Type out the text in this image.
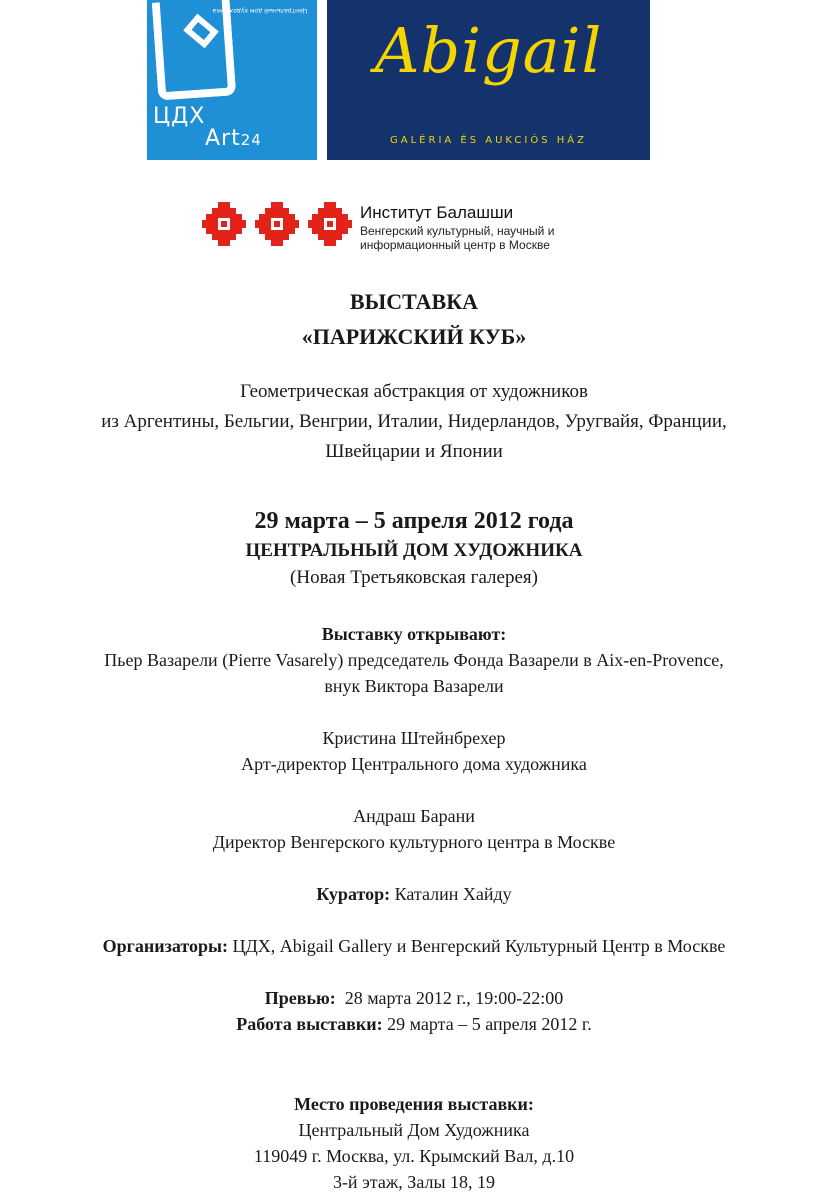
Центральный дом художника
ЦДХ
Art24
Abigail
GALÉRIA ÉS AUKCIÓS HÁZ
Институт Балашши
Венгерский культурный, научный и
информационный центр в Москве
ВЫСТАВКА
«ПАРИЖСКИЙ КУБ»
Геометрическая абстракция от художников
из Аргентины, Бельгии, Венгрии, Италии, Нидерландов, Уругвайя, Франции,
Швейцарии и Японии
29 марта – 5 апреля 2012 года
ЦЕНТРАЛЬНЫЙ ДОМ ХУДОЖНИКА
(Новая Третьяковская галерея)
Выставку открывают:
Пьер Вазарели (Pierre Vasarely) председатель Фонда Вазарели в Aix-en-Provence,
внук Виктора Вазарели
Кристина Штейнбрехер
Арт-директор Центрального дома художника
Андраш Барани
Директор Венгерского культурного центра в Москве
Куратор: Каталин Хайду
Организаторы: ЦДХ, Abigail Gallery и Венгерский Культурный Центр в Москве
Превью:  28 марта 2012 г., 19:00-22:00
Работа выставки: 29 марта – 5 апреля 2012 г.
Место проведения выставки:
Центральный Дом Художника
119049 г. Москва, ул. Крымский Вал, д.10
3-й этаж, Залы 18, 19
